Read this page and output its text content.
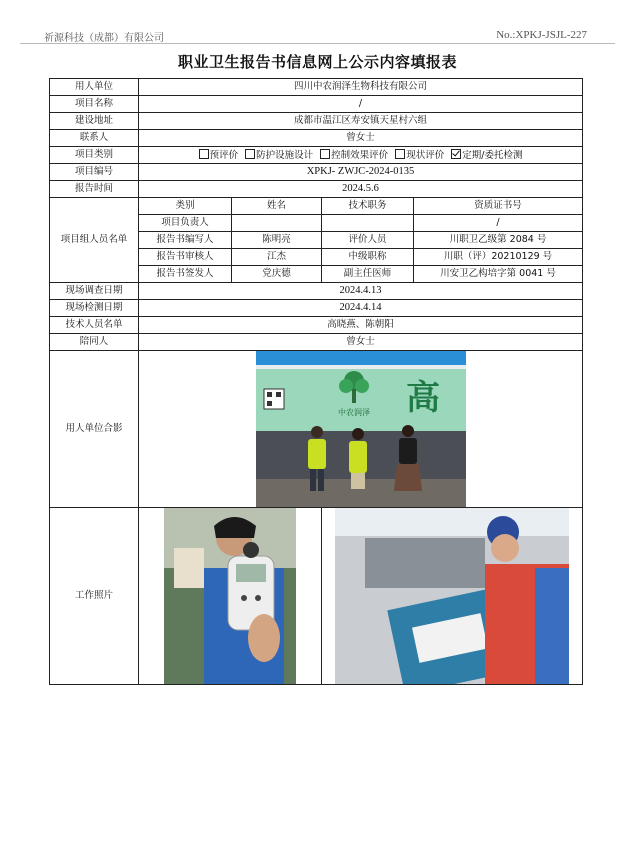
祈源科技（成都）有限公司	No.:XPKJ-JSJL-227
职业卫生报告书信息网上公示内容填报表
用人单位	四川中农润泽生物科技有限公司			
项目名称	/			
建设地址	成都市温江区寿安镇天星村六组			
联系人	曾女士			
项目类别	预评价 防护设施设计 控制效果评价 现状评价 定期/委托检测			
项目编号	XPKJ- ZWJC-2024-0135			
报告时间	2024.5.6			
项目组人员名单	类别	姓名	技术职务	资质证书号
	项目负责人			/
	报告书编写人	陈明亮	评价人员	川职卫乙级第 2084 号
	报告书审核人	江杰	中级职称	川职（评）20210129 号
	报告书签发人	党庆德	副主任医师	川安卫乙构培字第 0041 号
现场调查日期	2024.4.13			
现场检测日期	2024.4.14			
技术人员名单	高晓燕、陈朝阳			
陪同人	曾女士			
用人单位合影	中农润泽 高			

工作照片	
